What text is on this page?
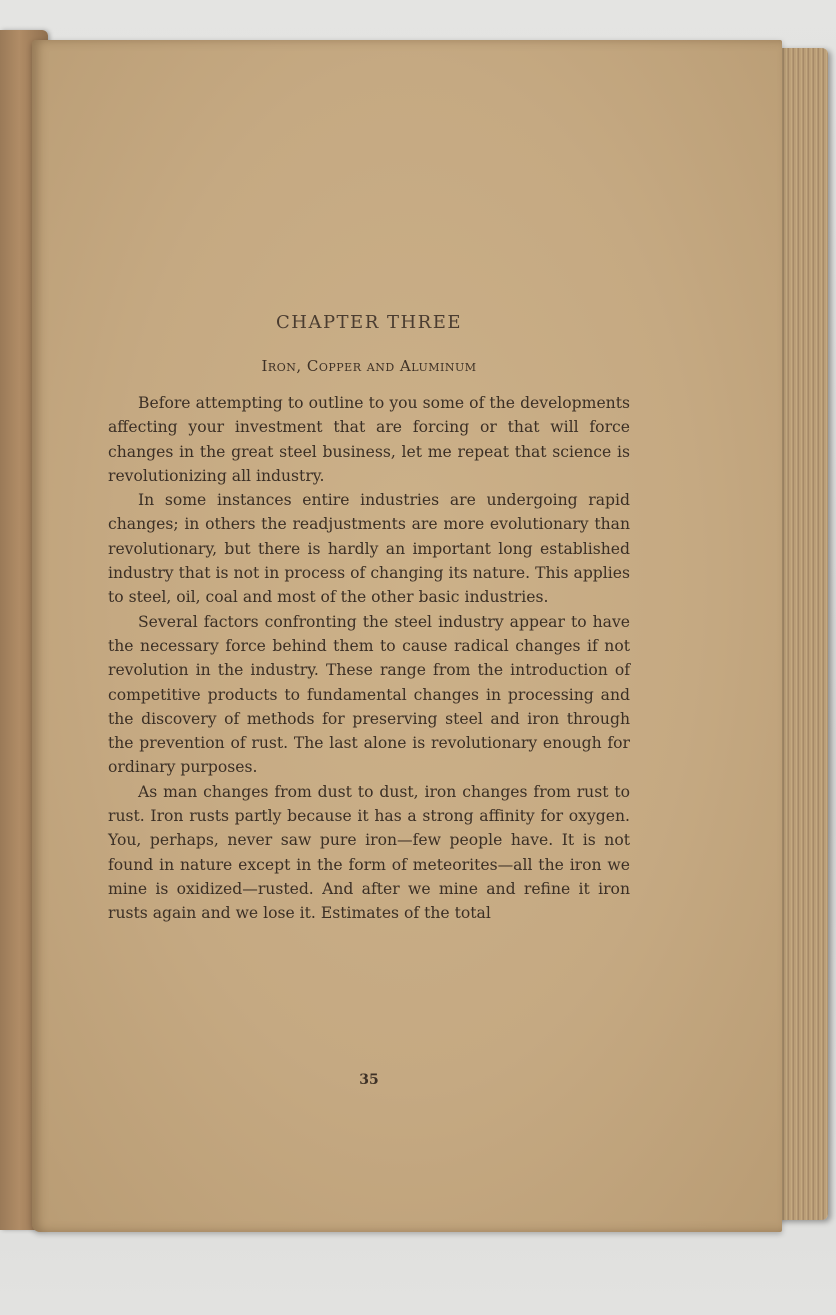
CHAPTER THREE
Iron, Copper and Aluminum

Before attempting to outline to you some of the developments affecting your investment that are forcing or that will force changes in the great steel business, let me repeat that science is revolutionizing all industry.

In some instances entire industries are undergoing rapid changes; in others the readjustments are more evolutionary than revolutionary, but there is hardly an important long established industry that is not in process of changing its nature. This applies to steel, oil, coal and most of the other basic industries.

Several factors confronting the steel industry appear to have the necessary force behind them to cause radical changes if not revolution in the industry. These range from the introduction of competitive products to fundamental changes in processing and the discovery of methods for preserving steel and iron through the prevention of rust. The last alone is revolutionary enough for ordinary purposes.

As man changes from dust to dust, iron changes from rust to rust. Iron rusts partly because it has a strong affinity for oxygen. You, perhaps, never saw pure iron—few people have. It is not found in nature except in the form of meteorites—all the iron we mine is oxidized—rusted. And after we mine and refine it iron rusts again and we lose it. Estimates of the total

35
